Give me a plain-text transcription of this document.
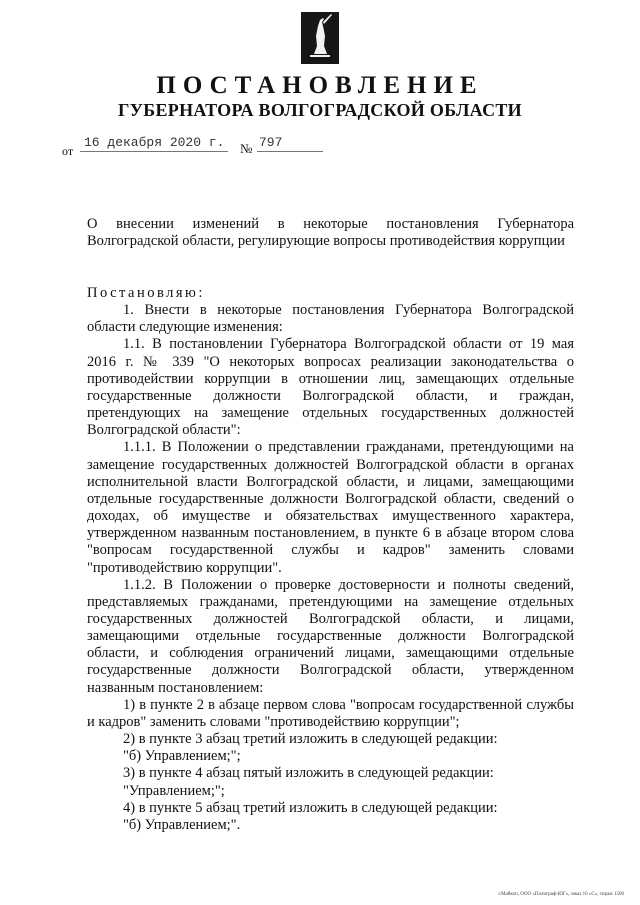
ПОСТАНОВЛЕНИЕ
ГУБЕРНАТОРА ВОЛГОГРАДСКОЙ ОБЛАСТИ
от
16 декабря 2020 г. № 797
О внесении изменений в некоторые постановления Губернатора Волгоградской области, регулирующие вопросы противодействия коррупции

Постановляю:

1. Внести в некоторые постановления Губернатора Волгоградской области следующие изменения:

1.1. В постановлении Губернатора Волгоградской области от 19 мая 2016 г. № 339 "О некоторых вопросах реализации законодательства о противодействии коррупции в отношении лиц, замещающих отдельные государственные должности Волгоградской области, и граждан, претендующих на замещение отдельных государственных должностей Волгоградской области":

1.1.1. В Положении о представлении гражданами, претендующими на замещение государственных должностей Волгоградской области в органах исполнительной власти Волгоградской области, и лицами, замещающими отдельные государственные должности Волгоградской области, сведений о доходах, об имуществе и обязательствах имущественного характера, утвержденном названным постановлением, в пункте 6 в абзаце втором слова "вопросам государственной службы и кадров" заменить словами "противодействию коррупции".

1.1.2. В Положении о проверке достоверности и полноты сведений, представляемых гражданами, претендующими на замещение отдельных государственных должностей Волгоградской области, и лицами, замещающими отдельные государственные должности Волгоградской области, и соблюдения ограничений лицами, замещающими отдельные государственные должности Волгоградской области, утвержденном названным постановлением:

1) в пункте 2 в абзаце первом слова "вопросам государственной службы и кадров" заменить словами "противодействию коррупции";

2) в пункте 3 абзац третий изложить в следующей редакции:

"б) Управлением;";

3) в пункте 4 абзац пятый изложить в следующей редакции:

"Управлением;";

4) в пункте 5 абзац третий изложить в следующей редакции:

"б) Управлением;".

г.Майкоп, ООО «Полиграф-ЮГ», заказ 10 «С», тираж 1500
